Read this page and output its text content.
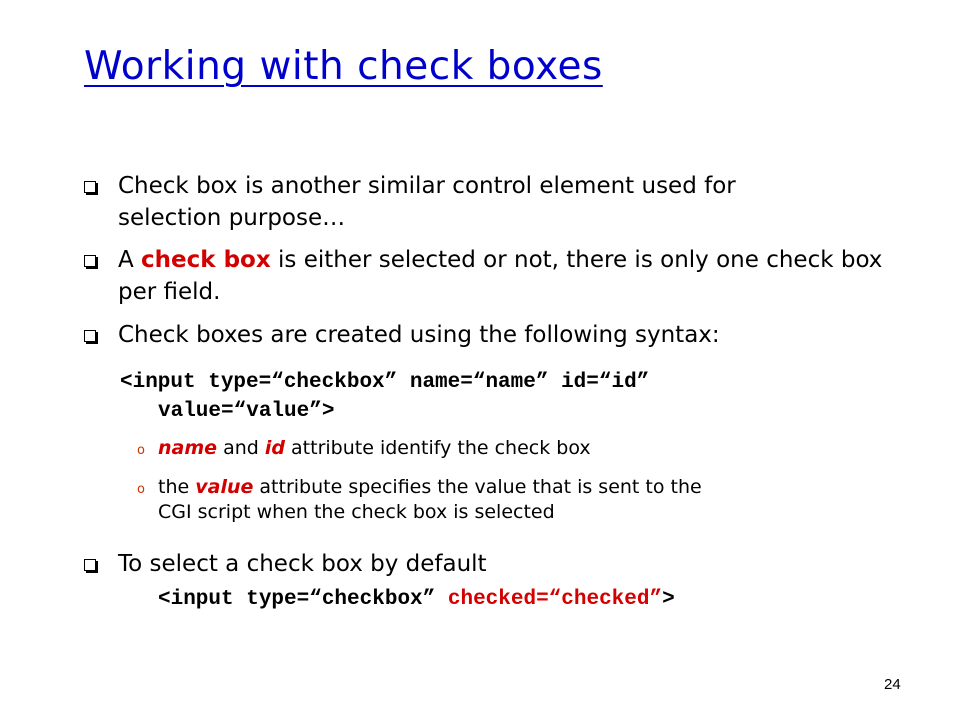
Working with check boxes
Check box is another similar control element used for selection purpose…
A check box is either selected or not, there is only one check box per field.
Check boxes are created using the following syntax:
<input type=“checkbox” name=“name” id=“id”
value=“value”>
o name and id attribute identify the check box
o the value attribute specifies the value that is sent to the
CGI script when the check box is selected
To select a check box by default
<input type=“checkbox” checked=“checked”>
24
